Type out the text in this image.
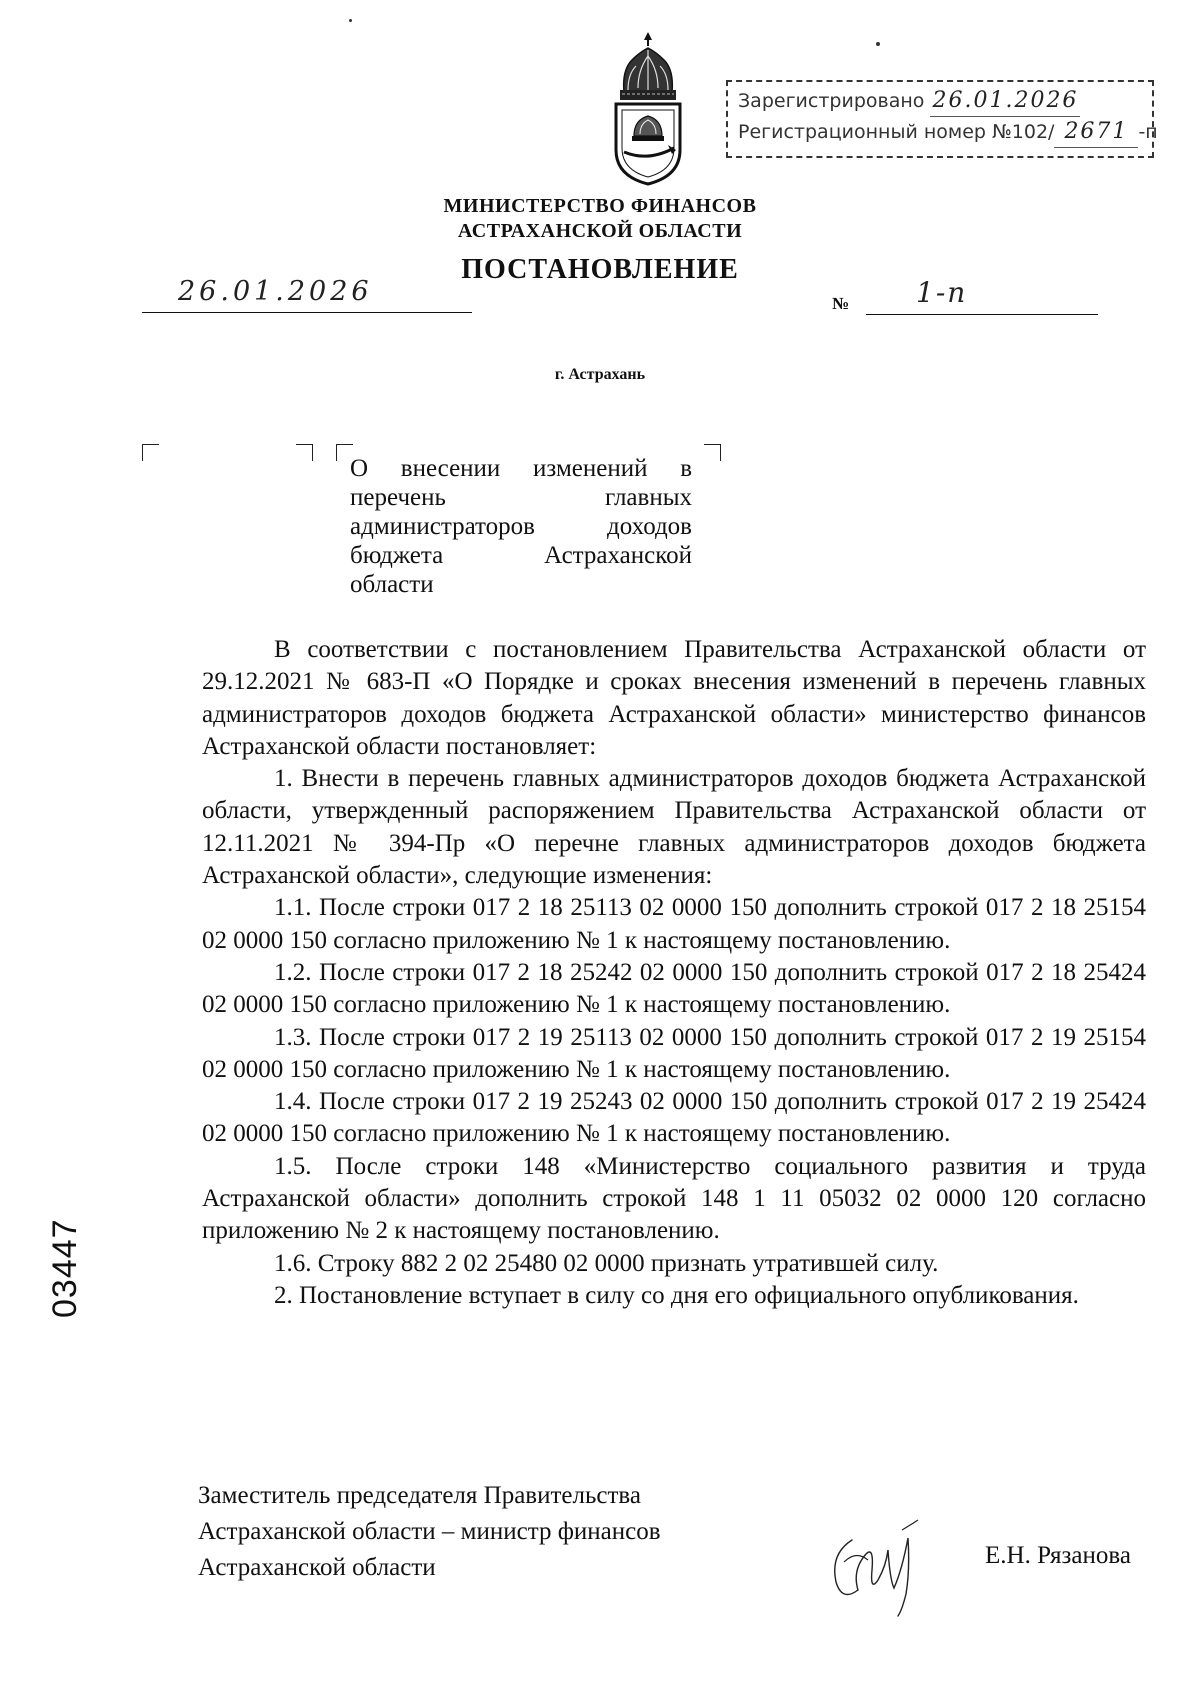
Зарегистрировано 26.01.2026
Регистрационный номер №102/ 2671 -п
МИНИСТЕРСТВО ФИНАНСОВ
АСТРАХАНСКОЙ ОБЛАСТИ
ПОСТАНОВЛЕНИЕ
26.01.2026	№ 1-п
г. Астрахань
О внесении изменений в
перечень главных
администраторов доходов
бюджета Астраханской
области

В соответствии с постановлением Правительства Астраханской области от 29.12.2021 № 683-П «О Порядке и сроках внесения изменений в перечень главных администраторов доходов бюджета Астраханской области» министерство финансов Астраханской области постановляет:

1. Внести в перечень главных администраторов доходов бюджета Астраханской области, утвержденный распоряжением Правительства Астраханской области от 12.11.2021 № 394-Пр «О перечне главных администраторов доходов бюджета Астраханской области», следующие изменения:

1.1. После строки 017 2 18 25113 02 0000 150 дополнить строкой 017 2 18 25154 02 0000 150 согласно приложению № 1 к настоящему постановлению.

1.2. После строки 017 2 18 25242 02 0000 150 дополнить строкой 017 2 18 25424 02 0000 150 согласно приложению № 1 к настоящему постановлению.

1.3. После строки 017 2 19 25113 02 0000 150 дополнить строкой 017 2 19 25154 02 0000 150 согласно приложению № 1 к настоящему постановлению.

1.4. После строки 017 2 19 25243 02 0000 150 дополнить строкой 017 2 19 25424 02 0000 150 согласно приложению № 1 к настоящему постановлению.

1.5. После строки 148 «Министерство социального развития и труда Астраханской области» дополнить строкой 148 1 11 05032 02 0000 120 согласно приложению № 2 к настоящему постановлению.

1.6. Строку 882 2 02 25480 02 0000 признать утратившей силу.

2. Постановление вступает в силу со дня его официального опубликования.

Заместитель председателя Правительства
Астраханской области – министр финансов
Астраханской области	Е.Н. Рязанова
03447
